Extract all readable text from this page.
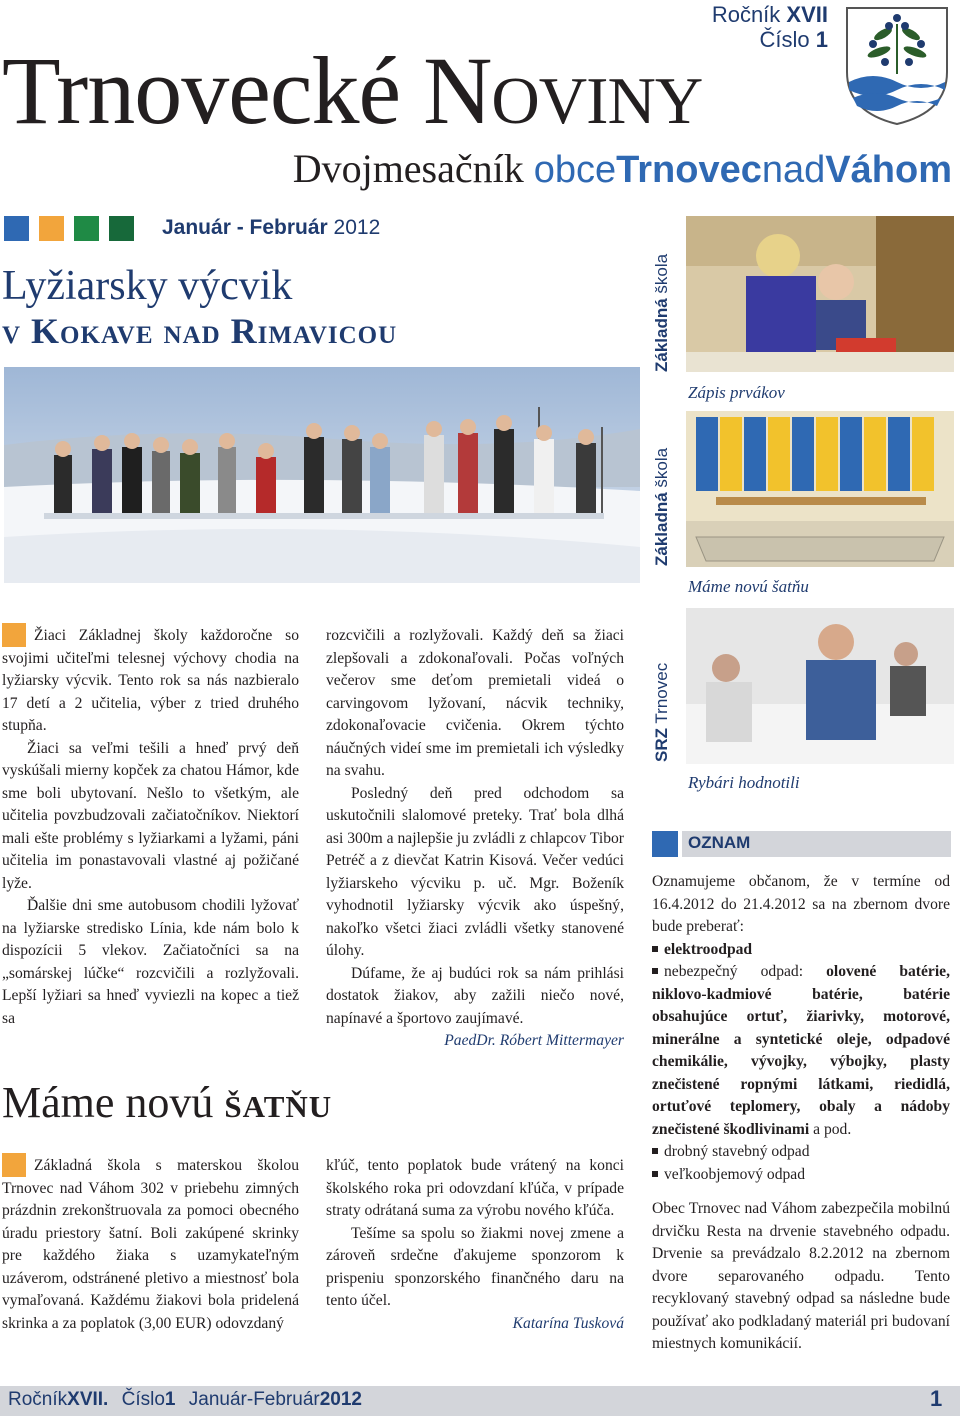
Trnovecké Noviny
Ročník XVII
Číslo 1
Dvojmesačník obceTrnovecnadVáhom
Január - Február 2012
Lyžiarsky výcvik
v Kokave nad Rimavicou

Žiaci Základnej školy každoročne so svojimi učiteľmi telesnej výchovy chodia na lyžiarsky výcvik. Tento rok sa nás nazbieralo 17 detí a 2 učitelia, výber z tried druhého stupňa.

Žiaci sa veľmi tešili a hneď prvý deň vyskúšali mierny kopček za chatou Hámor, kde sme boli ubytovaní. Nešlo to všetkým, ale učitelia povzbudzovali začiatočníkov. Niektorí mali ešte problémy s lyžiarkami a lyžami, páni učitelia im ponastavovali vlastné aj požičané lyže.

Ďalšie dni sme autobusom chodili lyžovať na lyžiarske stredisko Línia, kde nám bolo k dispozícii 5 vlekov. Začiatočníci sa na „somárskej lúčke“ rozcvičili a rozlyžovali. Lepší lyžiari sa hneď vyviezli na kopec a tiež sa

rozcvičili a rozlyžovali. Každý deň sa žiaci zlepšovali a zdokonaľovali. Počas voľných večerov sme deťom premietali videá o carvingovom lyžovaní, nácvik techniky, zdokonaľovacie cvičenia. Okrem týchto náučných videí sme im premietali ich výsledky na svahu.

Posledný deň pred odchodom sa uskutočnili slalomové preteky. Trať bola dlhá asi 300m a najlepšie ju zvládli z chlapcov Tibor Petréč a z dievčat Katrin Kisová. Večer vedúci lyžiarskeho výcviku p. uč. Mgr. Boženík vyhodnotil lyžiarsky výcvik ako úspešný, nakoľko všetci žiaci zvládli všetky stanovené úlohy.

Dúfame, že aj budúci rok sa nám prihlási dostatok žiakov, aby zažili niečo nové, napínavé a športovo zaujímavé.

PaedDr. Róbert Mittermayer

Máme novú šatňu

Základná škola s materskou školou Trnovec nad Váhom 302 v priebehu zimných prázdnin zrekonštruovala za pomoci obecného úradu priestory šatní. Boli zakúpené skrinky pre každého žiaka s uzamykateľným uzáverom, odstránené pletivo a miestnosť bola vymaľovaná. Každému žiakovi bola pridelená skrinka a za poplatok (3,00 EUR) odovzdaný

kľúč, tento poplatok bude vrátený na konci školského roka pri odovzdaní kľúča, v prípade straty odrátaná suma za výrobu nového kľúča.

Tešíme sa spolu so žiakmi novej zmene a zároveň srdečne ďakujeme sponzorom k prispeniu sponzorského finančného daru na tento účel.

Katarína Tusková

Základná škola
Zápis prvákov
Základná škola
Máme novú šatňu
SRZ Trnovec
Rybári hodnotili
OZNAM

Oznamujeme občanom, že v termíne od 16.4.2012 do 21.4.2012 sa na zbernom dvore bude preberať:

elektroodpad
nebezpečný odpad: olovené batérie, niklovo-kadmiové batérie, batérie obsahujúce ortuť, žiarivky, motorové, minerálne a syntetické oleje, odpadové chemikálie, vývojky, výbojky, plasty znečistené ropnými látkami, riedidlá, ortuťové teplomery, obaly a nádoby znečistené škodlivinami a pod.
drobný stavebný odpad
veľkoobjemový odpad

Obec Trnovec nad Váhom zabezpečila mobilnú drvičku Resta na drvenie stavebného odpadu. Drvenie sa prevádzalo 8.2.2012 na zbernom dvore separovaného odpadu. Tento recyklovaný stavebný odpad sa následne bude používať ako podkladaný materiál pri budovaní miestnych komunikácií.

RočníkXVII. Číslo1 Január-Február2012	1
